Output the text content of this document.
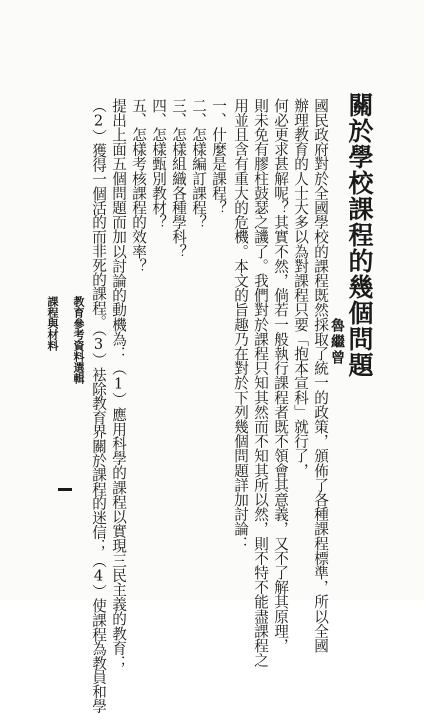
關於學校課程的幾個問題
魯繼曾
國民政府對於全國學校的課程既然採取了統一的政策，頒佈了各種課程標準，所以全國
辦理教育的人士大多以為對課程只要「抱本宣科」就行了，
何必更求甚解呢？其實不然，倘若一般執行課程者既不領會其意義，又不了解其原理，
則未免有膠柱鼓瑟之譏了。我們對於課程只知其然而不知其所以然，則不特不能盡課程之
用並且含有重大的危機。本文的旨趣乃在對於下列幾個問題詳加討論：
一、什麼是課程？
二、怎樣編訂課程？
三、怎樣組織各種學科？
四、怎樣甄別教材？
五、怎樣考核課程的效率？
提出上面五個問題而加以討論的動機為：（1）應用科學的課程以實現三民主義的教育；
（2）獲得一個活的而非死的課程。（3）袪除教育界關於課程的迷信；（4）使課程為教員和學
教育參考資料選輯
課程與材料
